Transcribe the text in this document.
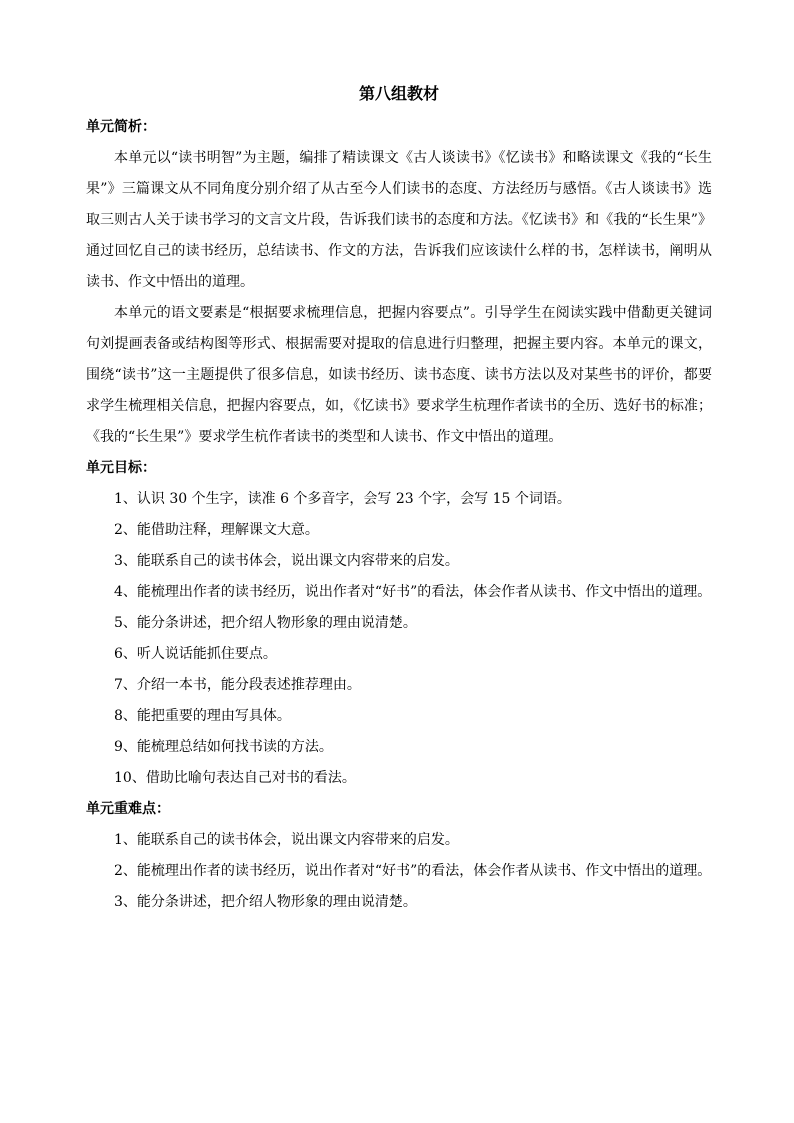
第八组教材

单元简析：

本单元以“读书明智”为主题，编排了精读课文《古人谈读书》《忆读书》和略读课文《我的“长生果”》三篇课文从不同角度分别介绍了从古至今人们读书的态度、方法经历与感悟。《古人谈读书》选取三则古人关于读书学习的文言文片段，告诉我们读书的态度和方法。《忆读书》和《我的“长生果”》通过回忆自己的读书经历，总结读书、作文的方法，告诉我们应该读什么样的书，怎样读书，阐明从读书、作文中悟出的道理。

本单元的语文要素是“根据要求梳理信息，把握内容要点”。引导学生在阅读实践中借勫更关键词句刘提画表备或结构图等形式、根据需要对提取的信息进行归整理，把握主要内容。本单元的课文，围绕“读书”这一主题提供了很多信息，如读书经历、读书态度、读书方法以及对某些书的评价，都要求学生梳理相关信息，把握内容要点，如，《忆读书》要求学生杭理作者读书的全历、选好书的标准；《我的“长生果”》要求学生杭作者读书的类型和人读书、作文中悟出的道理。

单元目标：

1、认识 30 个生字，读准 6 个多音字，会写 23 个字，会写 15 个词语。

2、能借助注释，理解课文大意。

3、能联系自己的读书体会，说出课文内容带来的启发。

4、能梳理出作者的读书经历，说出作者对“好书”的看法，体会作者从读书、作文中悟出的道理。

5、能分条讲述，把介绍人物形象的理由说清楚。

6、听人说话能抓住要点。

7、介绍一本书，能分段表述推荐理由。

8、能把重要的理由写具体。

9、能梳理总结如何找书读的方法。

10、借助比喻句表达自己对书的看法。

单元重难点：

1、能联系自己的读书体会，说出课文内容带来的启发。

2、能梳理出作者的读书经历，说出作者对“好书”的看法，体会作者从读书、作文中悟出的道理。

3、能分条讲述，把介绍人物形象的理由说清楚。
